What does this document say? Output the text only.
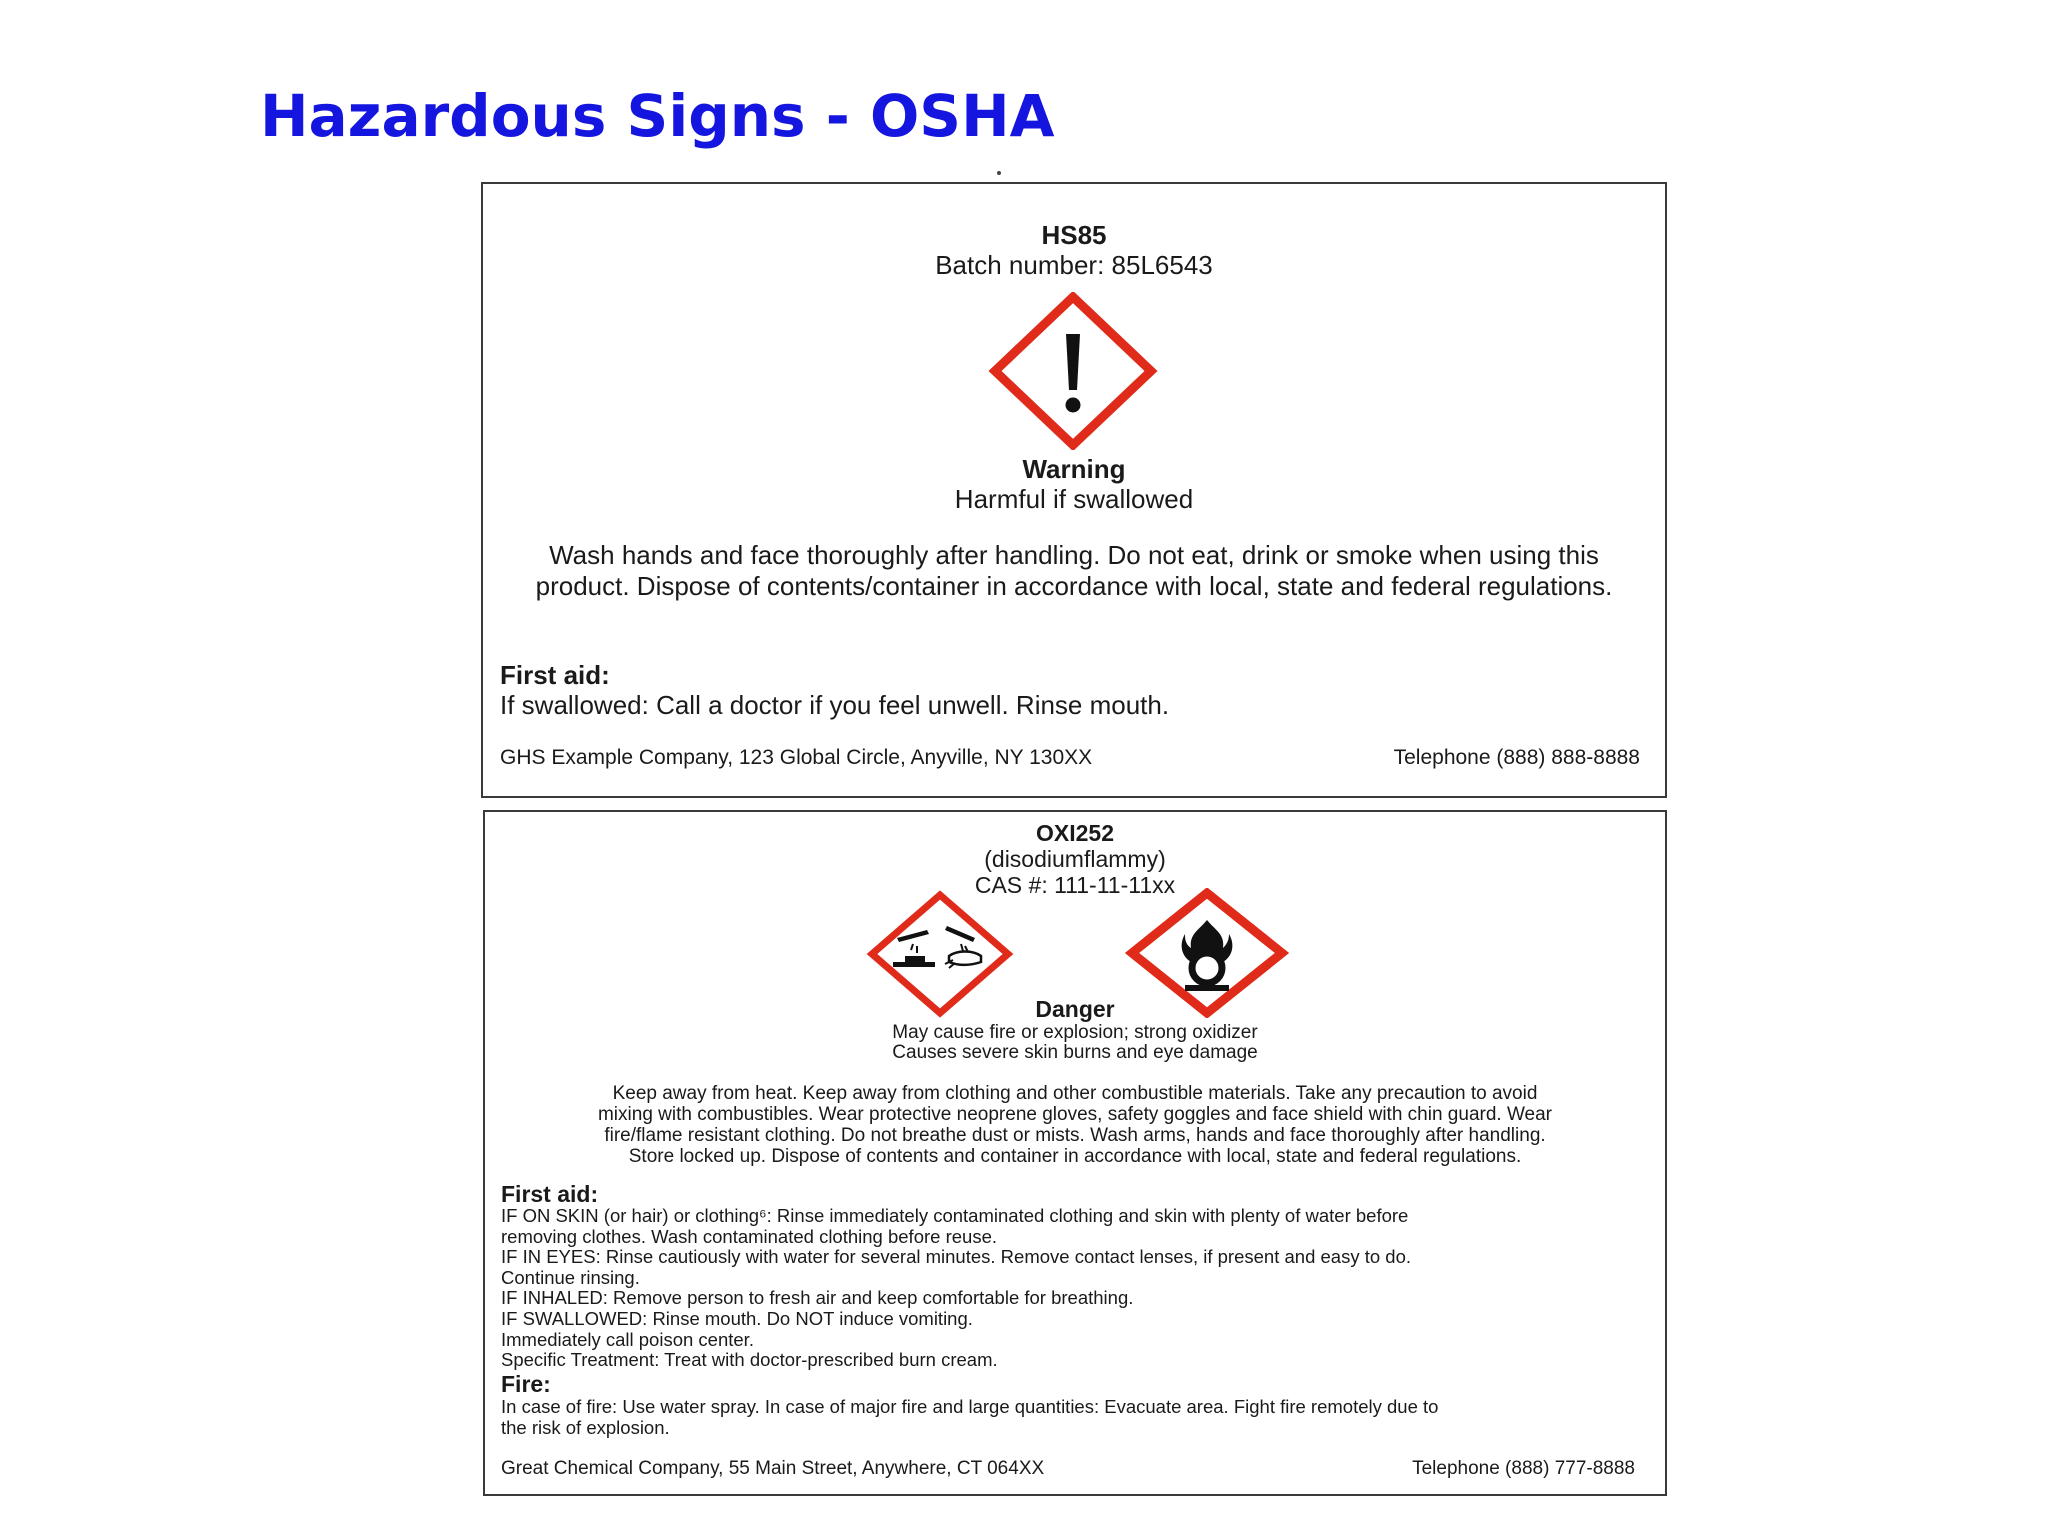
Hazardous Signs - OSHA
HS85
Batch number: 85L6543
Warning
Harmful if swallowed
Wash hands and face thoroughly after handling. Do not eat, drink or smoke when using this
product. Dispose of contents/container in accordance with local, state and federal regulations.
First aid:
If swallowed: Call a doctor if you feel unwell. Rinse mouth.
GHS Example Company, 123 Global Circle, Anyville, NY 130XX	Telephone (888) 888-8888
OXI252
(disodiumflammy)
CAS #: 111-11-11xx
Danger
May cause fire or explosion; strong oxidizer
Causes severe skin burns and eye damage
Keep away from heat. Keep away from clothing and other combustible materials. Take any precaution to avoid
mixing with combustibles. Wear protective neoprene gloves, safety goggles and face shield with chin guard. Wear
fire/flame resistant clothing. Do not breathe dust or mists. Wash arms, hands and face thoroughly after handling.
Store locked up. Dispose of contents and container in accordance with local, state and federal regulations.
First aid:
IF ON SKIN (or hair) or clothing⁶: Rinse immediately contaminated clothing and skin with plenty of water before
removing clothes. Wash contaminated clothing before reuse.
IF IN EYES: Rinse cautiously with water for several minutes. Remove contact lenses, if present and easy to do.
Continue rinsing.
IF INHALED: Remove person to fresh air and keep comfortable for breathing.
IF SWALLOWED: Rinse mouth. Do NOT induce vomiting.
Immediately call poison center.
Specific Treatment: Treat with doctor-prescribed burn cream.
Fire:
In case of fire: Use water spray. In case of major fire and large quantities: Evacuate area. Fight fire remotely due to
the risk of explosion.
Great Chemical Company, 55 Main Street, Anywhere, CT 064XX	Telephone (888) 777-8888
